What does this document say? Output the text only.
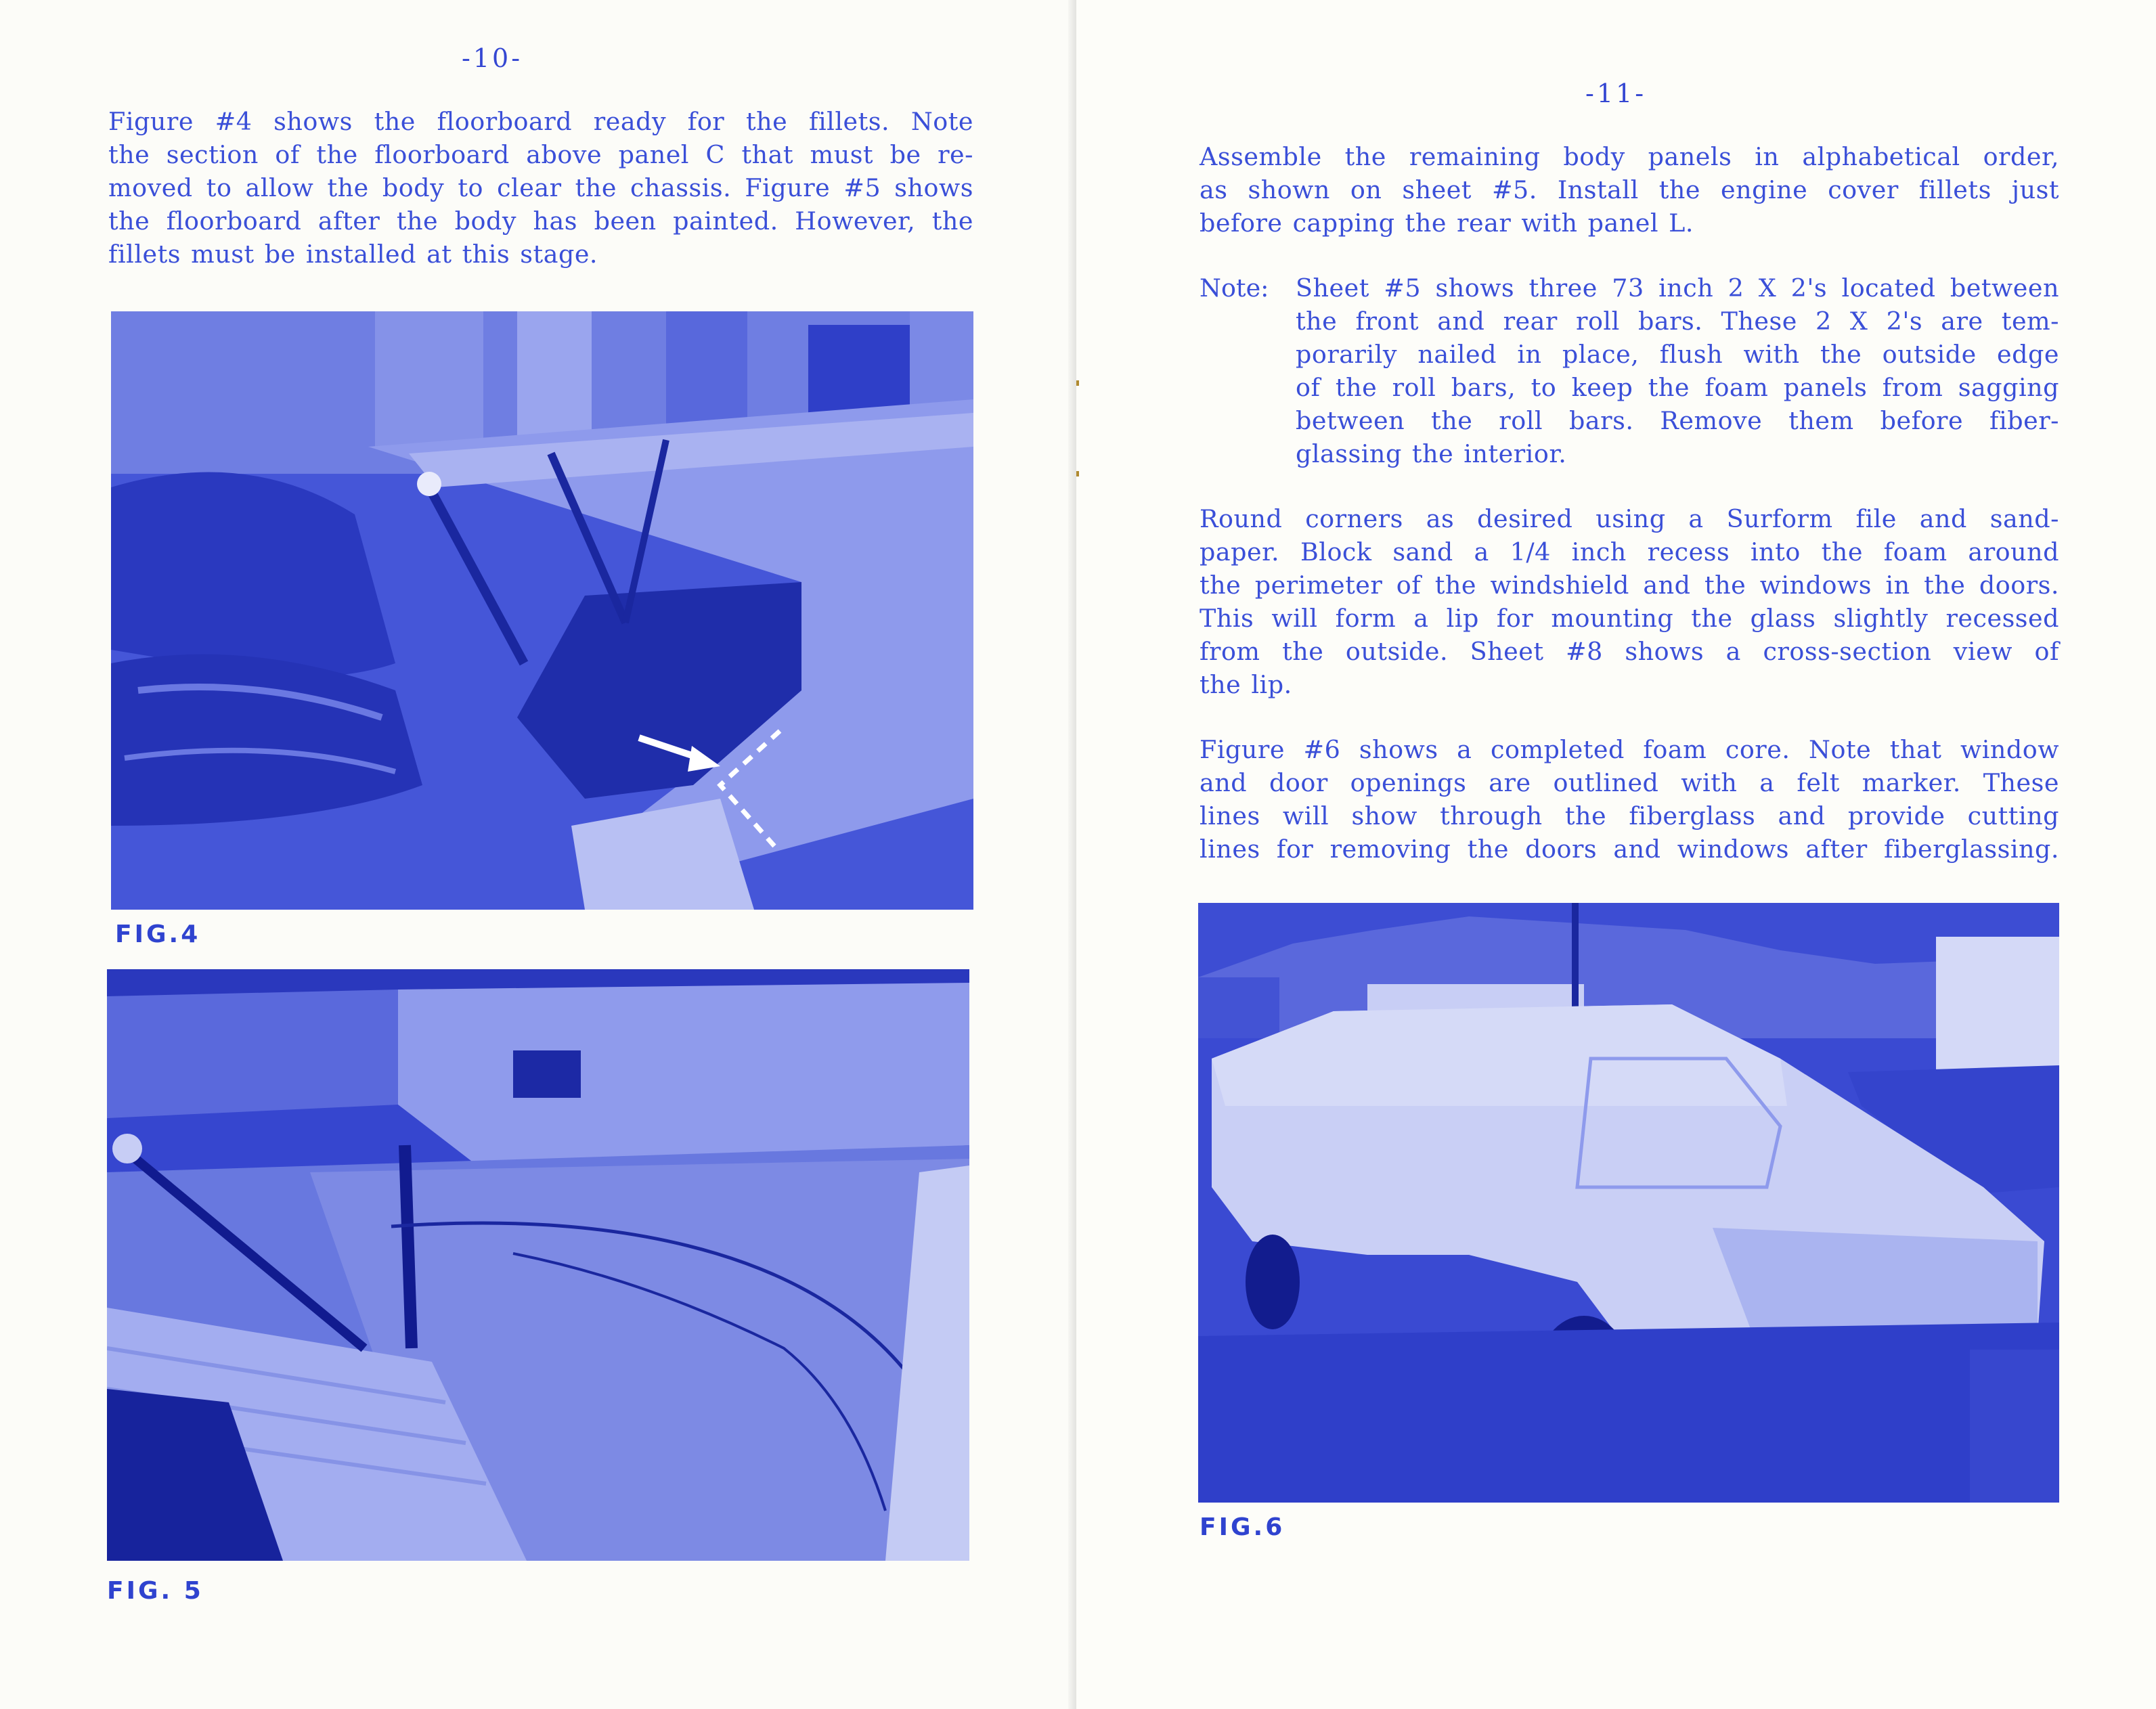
-10-

Figure #4 shows the floorboard ready for the fillets. Note

the section of the floorboard above panel C that must be re-

moved to allow the body to clear the chassis. Figure #5 shows

the floorboard after the body has been painted. However, the

fillets must be installed at this stage.

FIG.4
FIG. 5
-11-

Assemble the remaining body panels in alphabetical order,

as shown on sheet #5. Install the engine cover fillets just

before capping the rear with panel L.

Note: Sheet #5 shows three 73 inch 2 X 2's located between

the front and rear roll bars. These 2 X 2's are tem-

porarily nailed in place, flush with the outside edge

of the roll bars, to keep the foam panels from sagging

between the roll bars. Remove them before fiber-

glassing the interior.

Round corners as desired using a Surform file and sand-

paper. Block sand a 1/4 inch recess into the foam around

the perimeter of the windshield and the windows in the doors.

This will form a lip for mounting the glass slightly recessed

from the outside. Sheet #8 shows a cross-section view of

the lip.

Figure #6 shows a completed foam core. Note that window

and door openings are outlined with a felt marker. These

lines will show through the fiberglass and provide cutting

lines for removing the doors and windows after fiberglassing.

FIG.6
